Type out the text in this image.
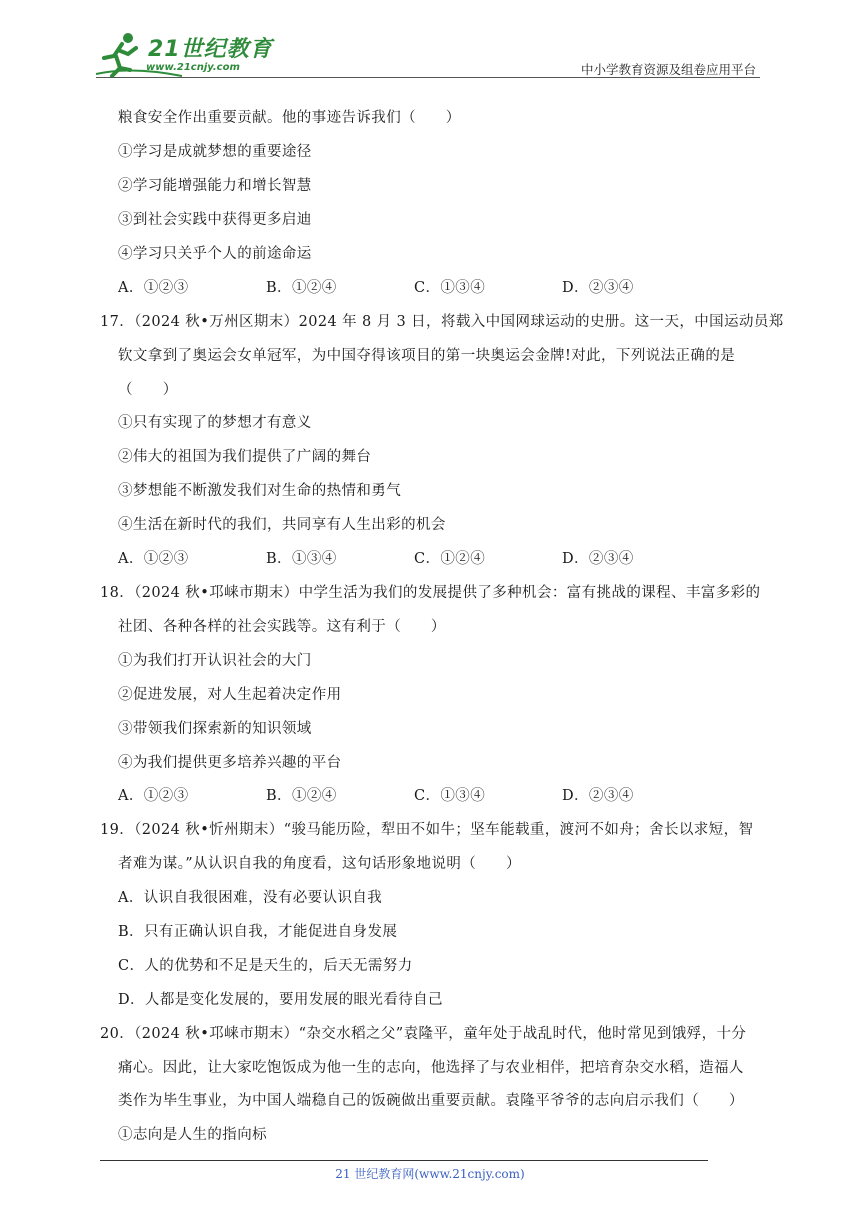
21世纪教育
www.21cnjy.com	中小学教育资源及组卷应用平台
粮食安全作出重要贡献。他的事迹告诉我们（　　）
①学习是成就梦想的重要途径
②学习能增强能力和增长智慧
③到社会实践中获得更多启迪
④学习只关乎个人的前途命运
A．①②③	B．①②④	C．①③④	D．②③④
17．（2024 秋•万州区期末）2024 年 8 月 3 日，将载入中国网球运动的史册。这一天，中国运动员郑
钦文拿到了奥运会女单冠军，为中国夺得该项目的第一块奥运会金牌!对此，下列说法正确的是
（　　）
①只有实现了的梦想才有意义
②伟大的祖国为我们提供了广阔的舞台
③梦想能不断激发我们对生命的热情和勇气
④生活在新时代的我们，共同享有人生出彩的机会
A．①②③	B．①③④	C．①②④	D．②③④
18．（2024 秋•邛崃市期末）中学生活为我们的发展提供了多种机会：富有挑战的课程、丰富多彩的
社团、各种各样的社会实践等。这有利于（　　）
①为我们打开认识社会的大门
②促进发展，对人生起着决定作用
③带领我们探索新的知识领域
④为我们提供更多培养兴趣的平台
A．①②③	B．①②④	C．①③④	D．②③④
19．（2024 秋•忻州期末）“骏马能历险，犁田不如牛；坚车能载重，渡河不如舟；舍长以求短，智
者难为谋。”从认识自我的角度看，这句话形象地说明（　　）
A．认识自我很困难，没有必要认识自我
B．只有正确认识自我，才能促进自身发展
C．人的优势和不足是天生的，后天无需努力
D．人都是变化发展的，要用发展的眼光看待自己
20．（2024 秋•邛崃市期末）“杂交水稻之父”袁隆平，童年处于战乱时代，他时常见到饿殍，十分
痛心。因此，让大家吃饱饭成为他一生的志向，他选择了与农业相伴，把培育杂交水稻，造福人
类作为毕生事业，为中国人端稳自己的饭碗做出重要贡献。袁隆平爷爷的志向启示我们（　　）
①志向是人生的指向标
21 世纪教育网(www.21cnjy.com)
